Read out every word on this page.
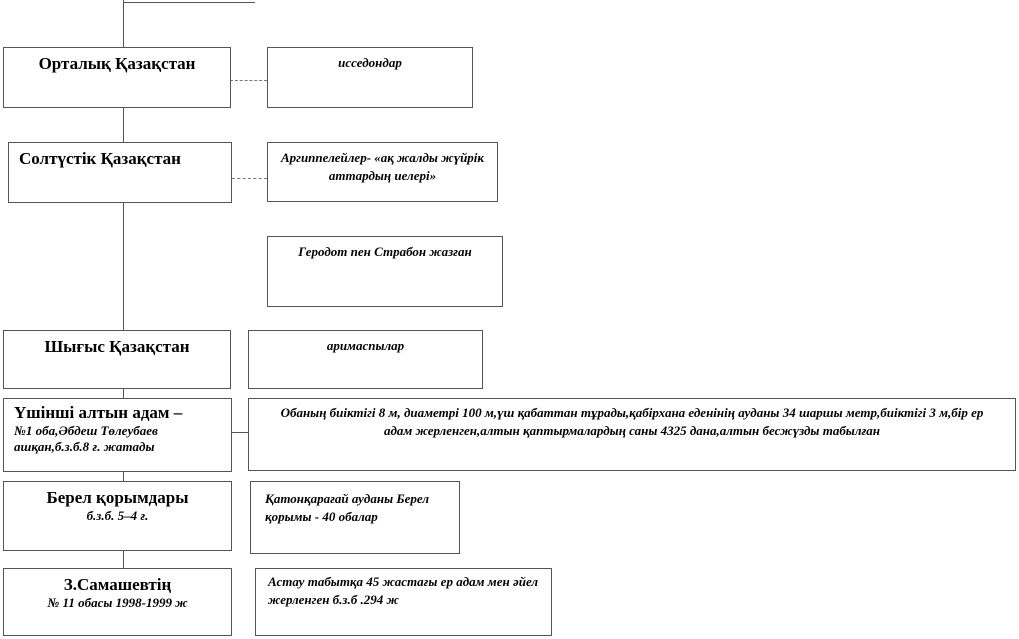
Орталық Қазақстан
Солтүстік Қазақстан
Шығыс Қазақстан
Үшінші алтын адам –
№1 оба,Әбдеш Төлеубаев ашқан,б.з.б.8 ғ. жатады
Берел қорымдары
б.з.б. 5–4 ғ.
З.Самашевтің
№ 11 обасы 1998-1999 ж
исседондар
Аргиппелейлер- «ақ жалды жүйрік аттардың иелері»
Геродот пен Страбон жазған
аримаспылар
Обаның биіктігі 8 м, диаметрі 100 м,үш қабаттан тұрады,қабірхана еденінің ауданы 34 шаршы метр,биіктігі 3 м,бір ер адам жерленген,алтын қаптырмалардың саны 4325 дана,алтын бесжүзды табылған
Қатонқарағай ауданы Берел қорымы - 40 обалар
Астау табытқа 45 жастағы ер адам мен әйел жерленген б.з.б .294 ж
